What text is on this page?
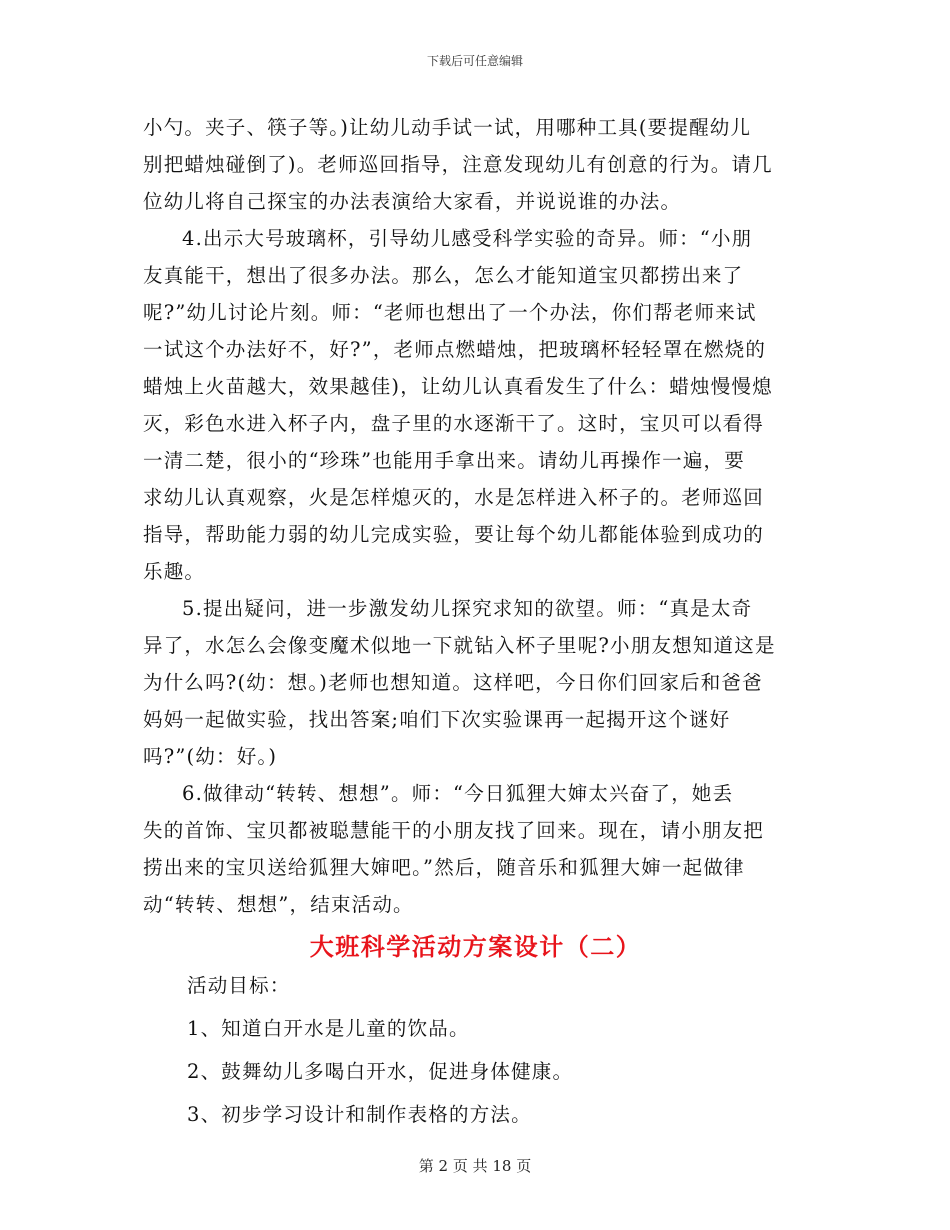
下载后可任意编辑

小勺。夹子、筷子等。)让幼儿动手试一试，用哪种工具(要提醒幼儿
别把蜡烛碰倒了)。老师巡回指导，注意发现幼儿有创意的行为。请几
位幼儿将自己探宝的办法表演给大家看，并说说谁的办法。

4.出示大号玻璃杯，引导幼儿感受科学实验的奇异。师：“小朋
友真能干，想出了很多办法。那么，怎么才能知道宝贝都捞出来了
呢?”幼儿讨论片刻。师：“老师也想出了一个办法，你们帮老师来试
一试这个办法好不，好?”，老师点燃蜡烛，把玻璃杯轻轻罩在燃烧的
蜡烛上火苗越大，效果越佳)，让幼儿认真看发生了什么：蜡烛慢慢熄
灭，彩色水进入杯子内，盘子里的水逐渐干了。这时，宝贝可以看得
一清二楚，很小的“珍珠”也能用手拿出来。请幼儿再操作一遍，要
求幼儿认真观察，火是怎样熄灭的，水是怎样进入杯子的。老师巡回
指导，帮助能力弱的幼儿完成实验，要让每个幼儿都能体验到成功的
乐趣。

5.提出疑问，进一步激发幼儿探究求知的欲望。师：“真是太奇
异了，水怎么会像变魔术似地一下就钻入杯子里呢?小朋友想知道这是
为什么吗?(幼：想。)老师也想知道。这样吧，今日你们回家后和爸爸
妈妈一起做实验，找出答案;咱们下次实验课再一起揭开这个谜好
吗?”(幼：好。)

6.做律动“转转、想想”。师：“今日狐狸大婶太兴奋了，她丢
失的首饰、宝贝都被聪慧能干的小朋友找了回来。现在，请小朋友把
捞出来的宝贝送给狐狸大婶吧。”然后，随音乐和狐狸大婶一起做律
动“转转、想想”，结束活动。

大班科学活动方案设计（二）
活动目标：
1、知道白开水是儿童的饮品。
2、鼓舞幼儿多喝白开水，促进身体健康。
3、初步学习设计和制作表格的方法。
第 2 页 共 18 页
